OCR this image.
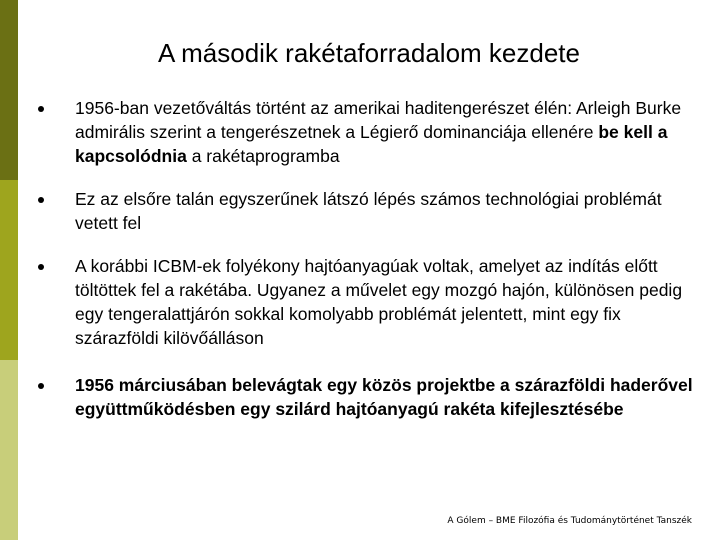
A második rakétaforradalom kezdete
1956-ban vezetőváltás történt az amerikai haditengerészet élén: Arleigh Burke admirális szerint a tengerészetnek a Légierő dominanciája ellenére be kell a kapcsolódnia a rakétaprogramba
Ez az elsőre talán egyszerűnek látszó lépés számos technológiai problémát vetett fel
A korábbi ICBM-ek folyékony hajtóanyagúak voltak, amelyet az indítás előtt töltöttek fel a rakétába. Ugyanez a művelet egy mozgó hajón, különösen pedig egy tengeralattjárón sokkal komolyabb problémát jelentett, mint egy fix szárazföldi kilövőálláson
1956 márciusában belevágtak egy közös projektbe a szárazföldi haderővel együttműködésben egy szilárd hajtóanyagú rakéta kifejlesztésébe
A Gólem – BME Filozófia és Tudománytörténet Tanszék
